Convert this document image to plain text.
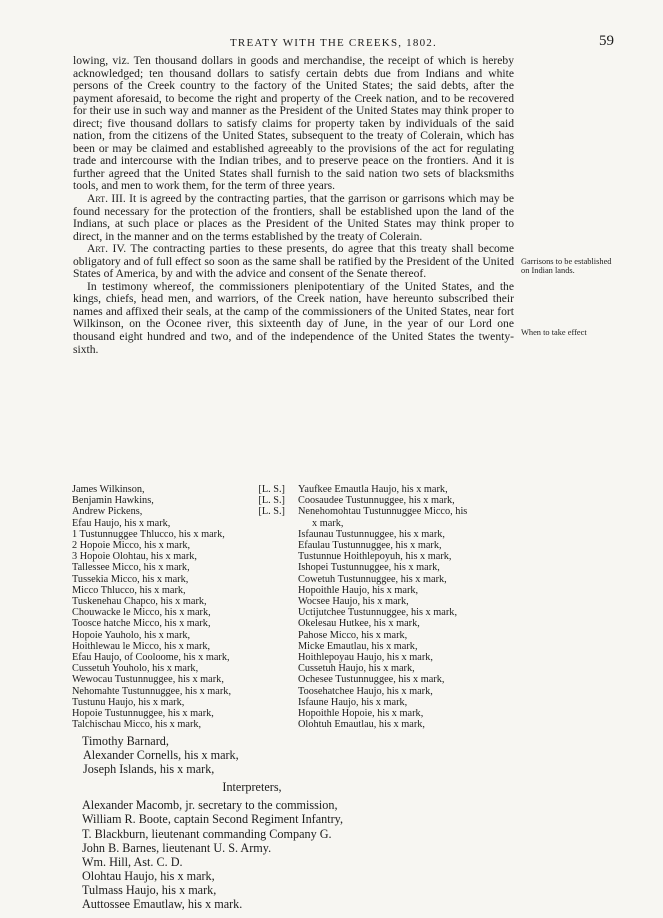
TREATY WITH THE CREEKS, 1802.	59

lowing, viz. Ten thousand dollars in goods and merchandise, the receipt of which is hereby acknowledged; ten thousand dollars to satisfy certain debts due from Indians and white persons of the Creek country to the factory of the United States; the said debts, after the payment aforesaid, to become the right and property of the Creek nation, and to be recovered for their use in such way and manner as the President of the United States may think proper to direct; five thousand dollars to satisfy claims for property taken by individuals of the said nation, from the citizens of the United States, subsequent to the treaty of Colerain, which has been or may be claimed and established agreeably to the provisions of the act for regulating trade and intercourse with the Indian tribes, and to preserve peace on the frontiers. And it is further agreed that the United States shall furnish to the said nation two sets of blacksmiths tools, and men to work them, for the term of three years.

Art. III. It is agreed by the contracting parties, that the garrison or garrisons which may be found necessary for the protection of the frontiers, shall be established upon the land of the Indians, at such place or places as the President of the United States may think proper to direct, in the manner and on the terms established by the treaty of Colerain.

Art. IV. The contracting parties to these presents, do agree that this treaty shall become obligatory and of full effect so soon as the same shall be ratified by the President of the United States of America, by and with the advice and consent of the Senate thereof.

In testimony whereof, the commissioners plenipotentiary of the United States, and the kings, chiefs, head men, and warriors, of the Creek nation, have hereunto subscribed their names and affixed their seals, at the camp of the commissioners of the United States, near fort Wilkinson, on the Oconee river, this sixteenth day of June, in the year of our Lord one thousand eight hundred and two, and of the independence of the United States the twenty-sixth.

Garrisons to be established on Indian lands.
When to take effect
James Wilkinson,	[L. S.]
Benjamin Hawkins,	[L. S.]
Andrew Pickens,	[L. S.]
Efau Haujo, his x mark,
1 Tustunnuggee Thlucco, his x mark,
2 Hopoie Micco, his x mark,
3 Hopoie Olohtau, his x mark,
Tallessee Micco, his x mark,
Tussekia Micco, his x mark,
Micco Thlucco, his x mark,
Tuskenehau Chapco, his x mark,
Chouwacke le Micco, his x mark,
Toosce hatche Micco, his x mark,
Hopoie Yauholo, his x mark,
Hoithlewau le Micco, his x mark,
Efau Haujo, of Cooloome, his x mark,
Cussetuh Youholo, his x mark,
Wewocau Tustunnuggee, his x mark,
Nehomahte Tustunnuggee, his x mark,
Tustunu Haujo, his x mark,
Hopoie Tustunnuggee, his x mark,
Talchischau Micco, his x mark,
Yaufkee Emautla Haujo, his x mark,
Coosaudee Tustunnuggee, his x mark,
Nenehomohtau Tustunnuggee Micco, his
x mark,
Isfaunau Tustunnuggee, his x mark,
Efaulau Tustunnuggee, his x mark,
Tustunnue Hoithlepoyuh, his x mark,
Ishopei Tustunnuggee, his x mark,
Cowetuh Tustunnuggee, his x mark,
Hopoithle Haujo, his x mark,
Wocsee Haujo, his x mark,
Uctijutchee Tustunnuggee, his x mark,
Okelesau Hutkee, his x mark,
Pahose Micco, his x mark,
Micke Emautlau, his x mark,
Hoithlepoyau Haujo, his x mark,
Cussetuh Haujo, his x mark,
Ochesee Tustunnuggee, his x mark,
Toosehatchee Haujo, his x mark,
Isfaune Haujo, his x mark,
Hopoithle Hopoie, his x mark,
Olohtuh Emautlau, his x mark,
Timothy Barnard,
Alexander Cornells, his x mark,
Joseph Islands, his x mark,
Interpreters,
Alexander Macomb, jr. secretary to the commission,
William R. Boote, captain Second Regiment Infantry,
T. Blackburn, lieutenant commanding Company G.
John B. Barnes, lieutenant U. S. Army.
Wm. Hill, Ast. C. D.
Olohtau Haujo, his x mark,
Tulmass Haujo, his x mark,
Auttossee Emautlaw, his x mark.
